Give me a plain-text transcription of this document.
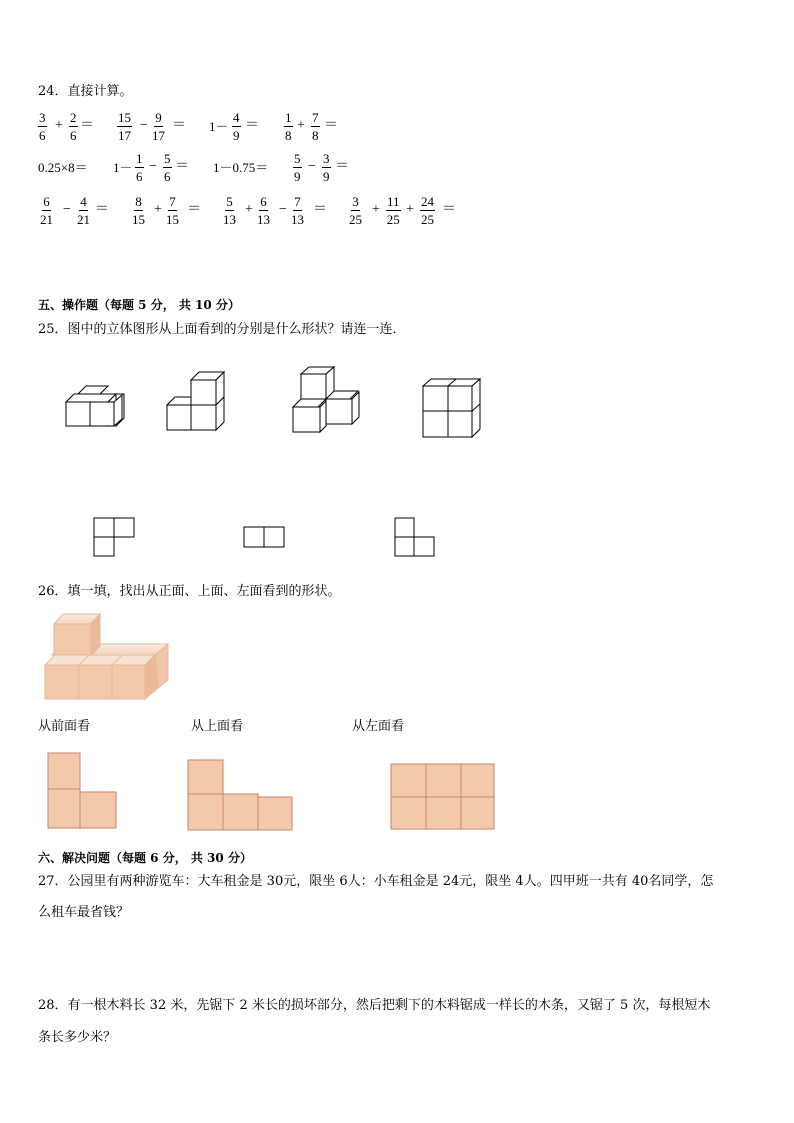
24．直接计算。
$\frac{3}{6} + \frac{2}{6} = \frac{15}{17} - \frac{9}{17} = 1- \frac{4}{9} = \frac{1}{8} + \frac{7}{8}$ ＝
$0.25\times 8= 1- \frac{1}{6} - \frac{5}{6} = 1-0.75= \frac{5}{9} - \frac{3}{9}$ ＝
$\frac{6}{21} - \frac{4}{21} = \frac{8}{15} + \frac{7}{15} = \frac{5}{13} + \frac{6}{13} - \frac{7}{13} = \frac{3}{25} + \frac{11}{25} + \frac{24}{25}$ ＝
五、操作题（每题 5 分， 共 10 分）
25．图中的立体图形从上面看到的分别是什么形状？请连一连．
26．填一填，找出从正面、上面、左面看到的形状。
从前面看	从上面看	从左面看
六、解决问题（每题 6 分， 共 30 分）
27．公园里有两种游览车：大车租金是 30元，限坐 6人：小车租金是 24元，限坐 4人。四甲班一共有 40名同学，怎
么租车最省钱？
28．有一根木料长 32 米，先锯下 2 米长的损坏部分，然后把剩下的木料锯成一样长的木条，又锯了 5 次，每根短木
条长多少米？
